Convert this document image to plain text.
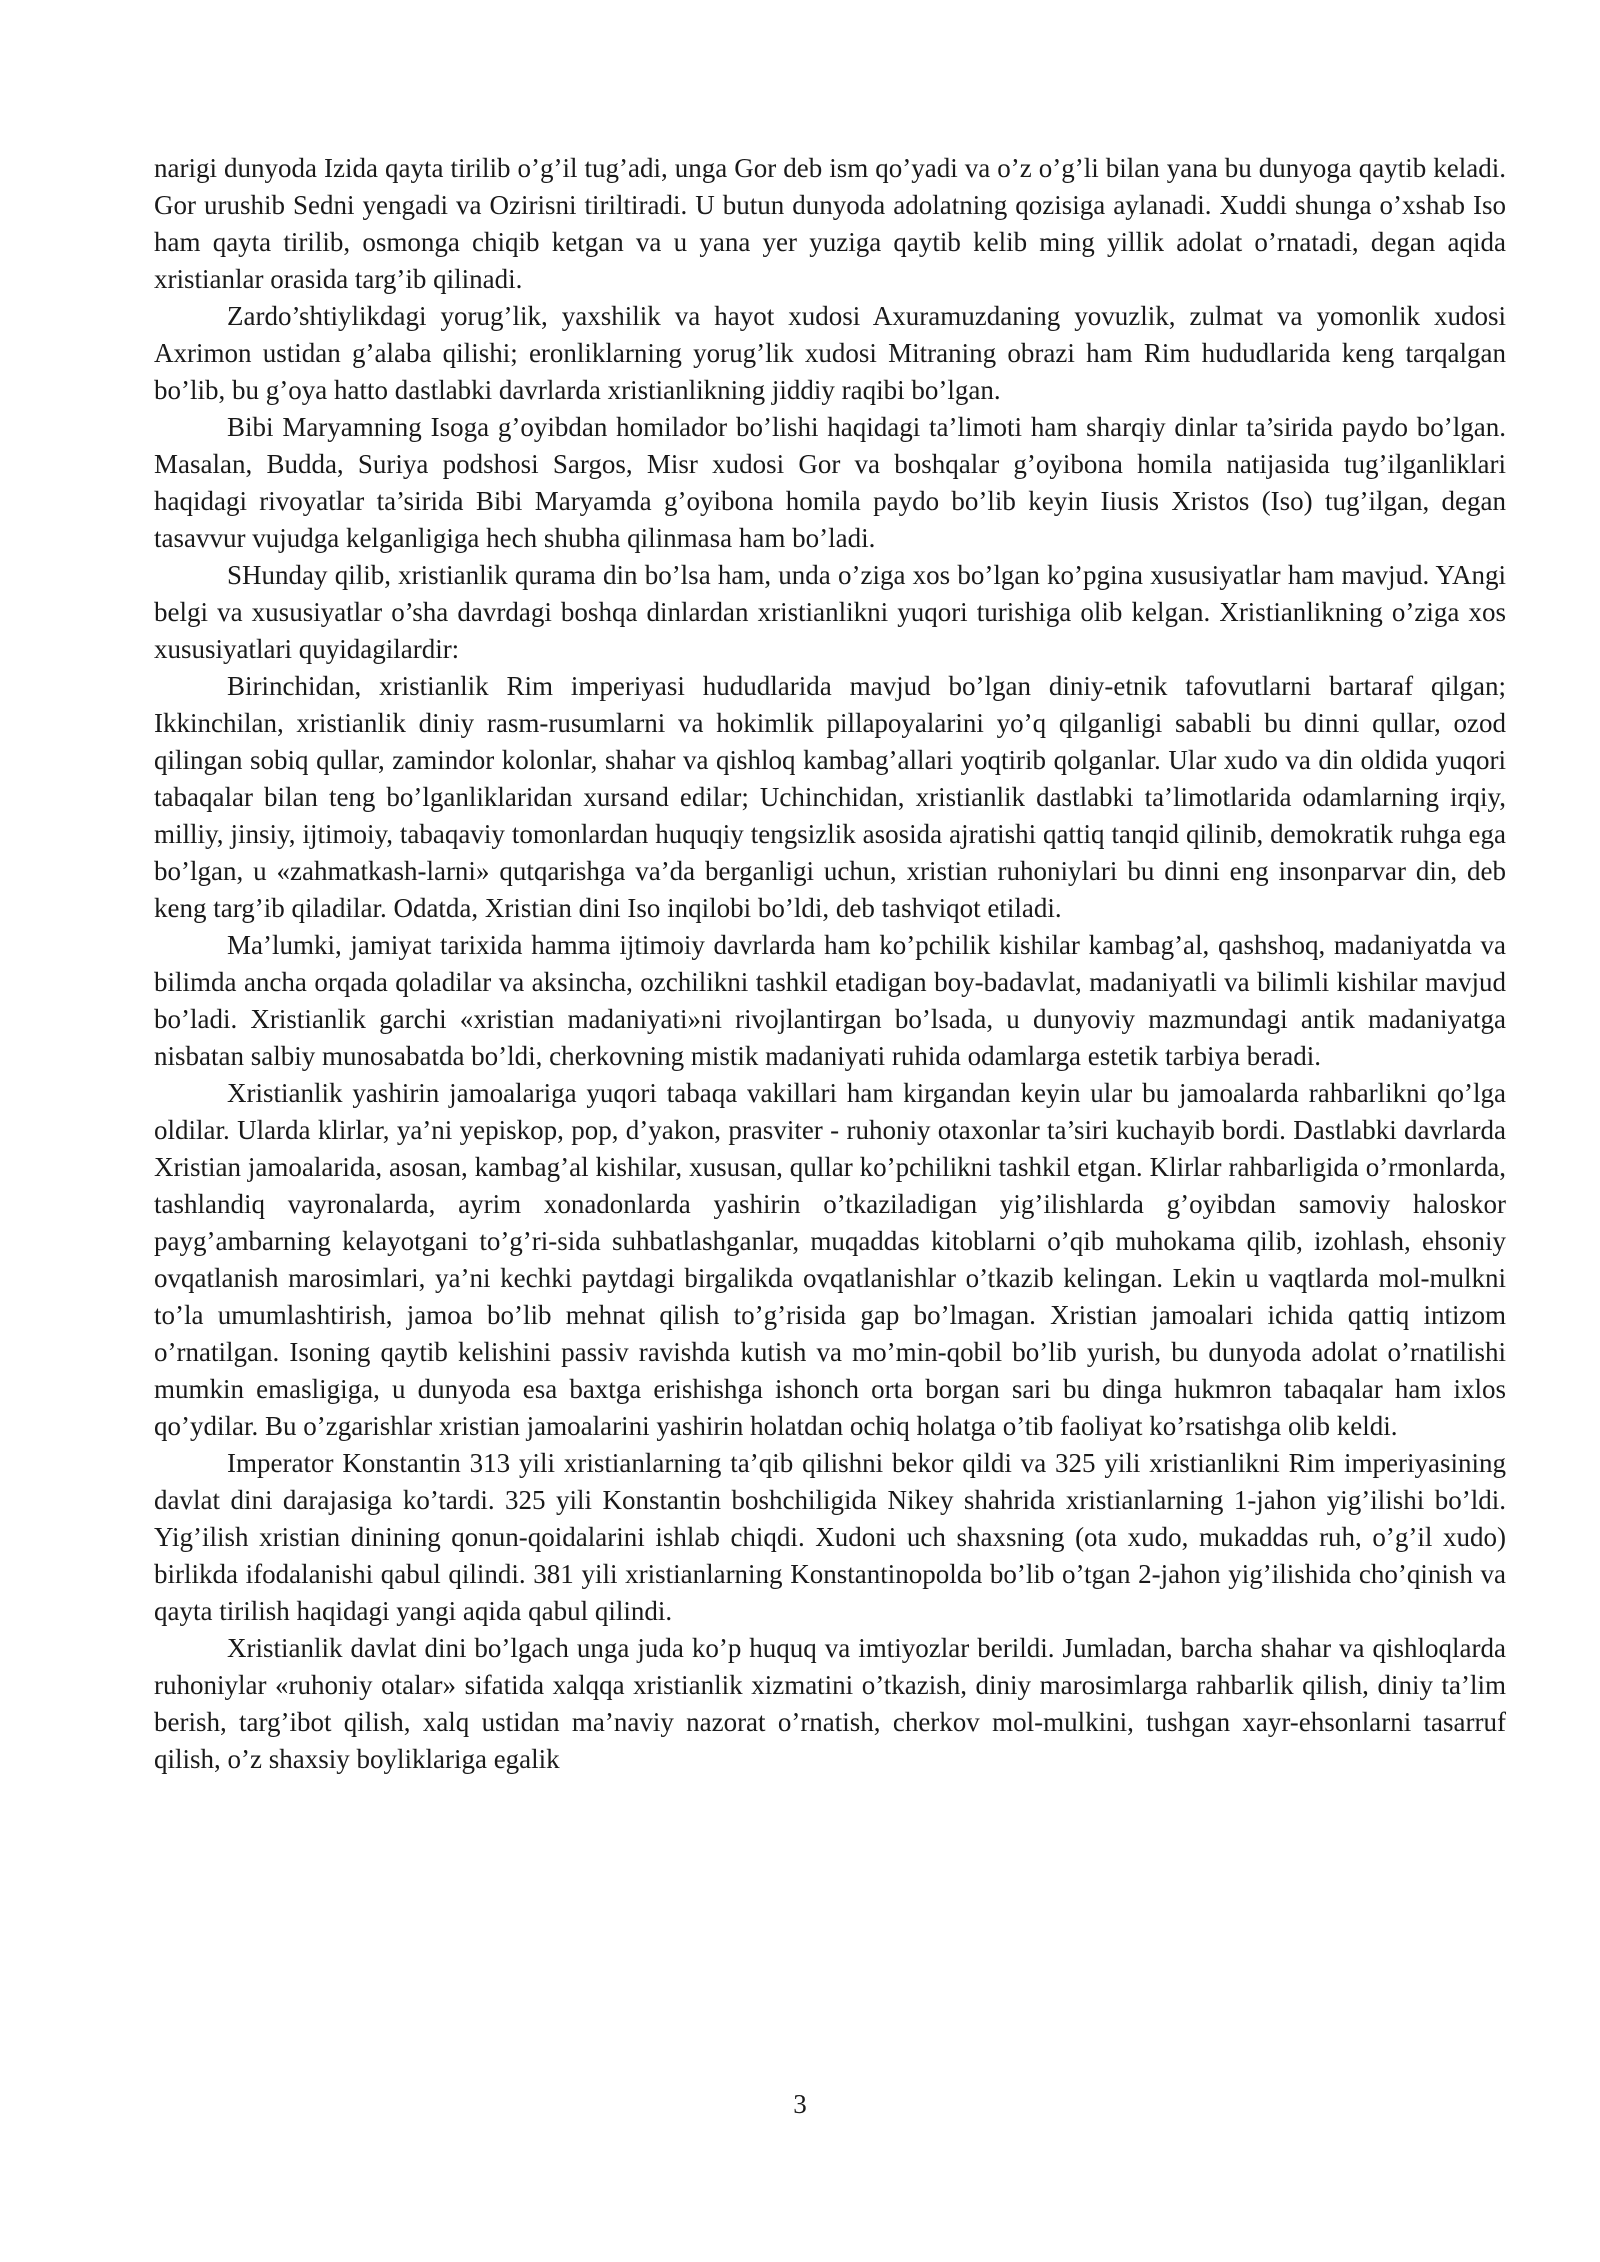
narigi dunyoda Izida qayta tirilib o’g’il tug’adi, unga Gor deb ism qo’yadi va o’z o’g’li bilan yana bu dunyoga qaytib keladi. Gor urushib Sedni yengadi va Ozirisni tiriltiradi. U butun dunyoda adolatning qozisiga aylanadi. Xuddi shunga o’xshab Iso ham qayta tirilib, osmonga chiqib ketgan va u yana yer yuziga qaytib kelib ming yillik adolat o’rnatadi, degan aqida xristianlar orasida targ’ib qilinadi.

Zardo’shtiylikdagi yorug’lik, yaxshilik va hayot xudosi Axuramuzdaning yovuzlik, zulmat va yomonlik xudosi Axrimon ustidan g’alaba qilishi; eronliklarning yorug’lik xudosi Mitraning obrazi ham Rim hududlarida keng tarqalgan bo’lib, bu g’oya hatto dastlabki davrlarda xristianlikning jiddiy raqibi bo’lgan.

Bibi Maryamning Isoga g’oyibdan homilador bo’lishi haqidagi ta’limoti ham sharqiy dinlar ta’sirida paydo bo’lgan. Masalan, Budda, Suriya podshosi Sargos, Misr xudosi Gor va boshqalar g’oyibona homila natijasida tug’ilganliklari haqidagi rivoyatlar ta’sirida Bibi Maryamda g’oyibona homila paydo bo’lib keyin Iiusis Xristos (Iso) tug’ilgan, degan tasavvur vujudga kelganligiga hech shubha qilinmasa ham bo’ladi.

SHunday qilib, xristianlik qurama din bo’lsa ham, unda o’ziga xos bo’lgan ko’pgina xususiyatlar ham mavjud. YAngi belgi va xususiyatlar o’sha davrdagi boshqa dinlardan xristianlikni yuqori turishiga olib kelgan. Xristianlikning o’ziga xos xususiyatlari quyidagilardir:

Birinchidan, xristianlik Rim imperiyasi hududlarida mavjud bo’lgan diniy-etnik tafovutlarni bartaraf qilgan; Ikkinchilan, xristianlik diniy rasm-rusumlarni va hokimlik pillapoyalarini yo’q qilganligi sababli bu dinni qullar, ozod qilingan sobiq qullar, zamindor kolonlar, shahar va qishloq kambag’allari yoqtirib qolganlar. Ular xudo va din oldida yuqori tabaqalar bilan teng bo’lganliklaridan xursand edilar; Uchinchidan, xristianlik dastlabki ta’limotlarida odamlarning irqiy, milliy, jinsiy, ijtimoiy, tabaqaviy tomonlardan huquqiy tengsizlik asosida ajratishi qattiq tanqid qilinib, demokratik ruhga ega bo’lgan, u «zahmatkash-larni» qutqarishga va’da berganligi uchun, xristian ruhoniylari bu dinni eng insonparvar din, deb keng targ’ib qiladilar. Odatda, Xristian dini Iso inqilobi bo’ldi, deb tashviqot etiladi.

Ma’lumki, jamiyat tarixida hamma ijtimoiy davrlarda ham ko’pchilik kishilar kambag’al, qashshoq, madaniyatda va bilimda ancha orqada qoladilar va aksincha, ozchilikni tashkil etadigan boy-badavlat, madaniyatli va bilimli kishilar mavjud bo’ladi. Xristianlik garchi «xristian madaniyati»ni rivojlantirgan bo’lsada, u dunyoviy mazmundagi antik madaniyatga nisbatan salbiy munosabatda bo’ldi, cherkovning mistik madaniyati ruhida odamlarga estetik tarbiya beradi.

Xristianlik yashirin jamoalariga yuqori tabaqa vakillari ham kirgandan keyin ular bu jamoalarda rahbarlikni qo’lga oldilar. Ularda klirlar, ya’ni yepiskop, pop, d’yakon, prasviter - ruhoniy otaxonlar ta’siri kuchayib bordi. Dastlabki davrlarda Xristian jamoalarida, asosan, kambag’al kishilar, xususan, qullar ko’pchilikni tashkil etgan. Klirlar rahbarligida o’rmonlarda, tashlandiq vayronalarda, ayrim xonadonlarda yashirin o’tkaziladigan yig’ilishlarda g’oyibdan samoviy haloskor payg’ambarning kelayotgani to’g’ri-sida suhbatlashganlar, muqaddas kitoblarni o’qib muhokama qilib, izohlash, ehsoniy ovqatlanish marosimlari, ya’ni kechki paytdagi birgalikda ovqatlanishlar o’tkazib kelingan. Lekin u vaqtlarda mol-mulkni to’la umumlashtirish, jamoa bo’lib mehnat qilish to’g’risida gap bo’lmagan. Xristian jamoalari ichida qattiq intizom o’rnatilgan. Isoning qaytib kelishini passiv ravishda kutish va mo’min-qobil bo’lib yurish, bu dunyoda adolat o’rnatilishi mumkin emasligiga, u dunyoda esa baxtga erishishga ishonch orta borgan sari bu dinga hukmron tabaqalar ham ixlos qo’ydilar. Bu o’zgarishlar xristian jamoalarini yashirin holatdan ochiq holatga o’tib faoliyat ko’rsatishga olib keldi.

Imperator Konstantin 313 yili xristianlarning ta’qib qilishni bekor qildi va 325 yili xristianlikni Rim imperiyasining davlat dini darajasiga ko’tardi. 325 yili Konstantin boshchiligida Nikey shahrida xristianlarning 1-jahon yig’ilishi bo’ldi. Yig’ilish xristian dinining qonun-qoidalarini ishlab chiqdi. Xudoni uch shaxsning (ota xudo, mukaddas ruh, o’g’il xudo) birlikda ifodalanishi qabul qilindi. 381 yili xristianlarning Konstantinopolda bo’lib o’tgan 2-jahon yig’ilishida cho’qinish va qayta tirilish haqidagi yangi aqida qabul qilindi.

Xristianlik davlat dini bo’lgach unga juda ko’p huquq va imtiyozlar berildi. Jumladan, barcha shahar va qishloqlarda ruhoniylar «ruhoniy otalar» sifatida xalqqa xristianlik xizmatini o’tkazish, diniy marosimlarga rahbarlik qilish, diniy ta’lim berish, targ’ibot qilish, xalq ustidan ma’naviy nazorat o’rnatish, cherkov mol-mulkini, tushgan xayr-ehsonlarni tasarruf qilish, o’z shaxsiy boyliklariga egalik

3
